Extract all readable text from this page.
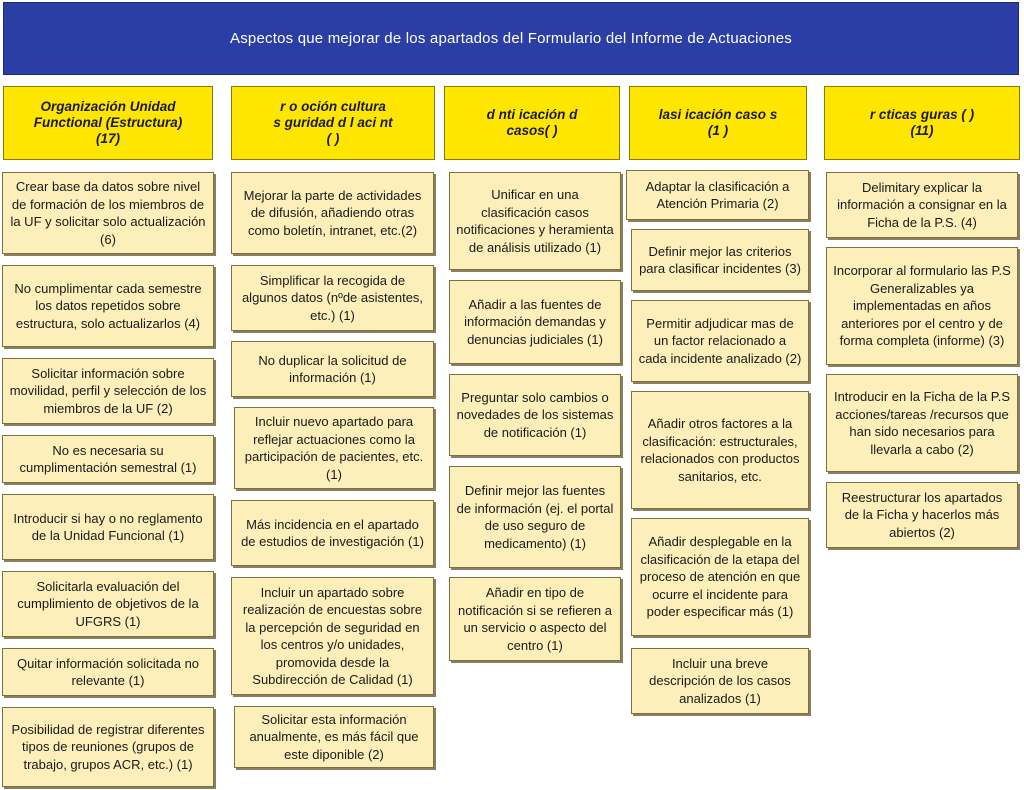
Aspectos que mejorar de los apartados del Formulario del Informe de Actuaciones
Organización Unidad
Functional (Estructura)
(17)
Crear base da datos sobre nivel de formación de los miembros de la UF y solicitar solo actualización (6)
No cumplimentar cada semestre los datos repetidos sobre estructura, solo actualizarlos (4)
Solicitar información sobre movilidad, perfil y selección de los miembros de la UF (2)
No es necesaria su cumplimentación semestral (1)
Introducir si hay o no reglamento de la Unidad Funcional (1)
Solicitarla evaluación del cumplimiento de objetivos de la UFGRS (1)
Quitar información solicitada no relevante (1)
Posibilidad de registrar diferentes tipos de reuniones (grupos de trabajo, grupos ACR, etc.) (1)
r o oción cultura
s guridad d l aci nt
( )
Mejorar la parte de actividades de difusión, añadiendo otras como boletín, intranet, etc.(2)
Simplificar la recogida de algunos datos (nºde asistentes, etc.) (1)
No duplicar la solicitud de información (1)
Incluir nuevo apartado para reflejar actuaciones como la participación de pacientes, etc. (1)
Más incidencia en el apartado de estudios de investigación (1)
Incluir un apartado sobre realización de encuestas sobre la percepción de seguridad en los centros y/o unidades, promovida desde la Subdirección de Calidad (1)
Solicitar esta información anualmente, es más fácil que este diponible (2)
d nti icación d
casos( )
Unificar en una clasificación casos notificaciones y heramienta de análisis utilizado (1)
Añadir a las fuentes de información demandas y denuncias judiciales (1)
Preguntar solo cambios o novedades de los sistemas de notificación (1)
Definir mejor las fuentes de información (ej. el portal de uso seguro de medicamento) (1)
Añadir en tipo de notificación si se refieren a un servicio o aspecto del centro (1)
lasi icación caso s
(1 )
Adaptar la clasificación a Atención Primaria (2)
Definir mejor las criterios para clasificar incidentes (3)
Permitir adjudicar mas de un factor relacionado a cada incidente analizado (2)
Añadir otros factores a la clasificación: estructurales, relacionados con productos sanitarios, etc.
Añadir desplegable en la clasificación de la etapa del proceso de atención en que ocurre el incidente para poder especificar más (1)
Incluir una breve descripción de los casos analizados (1)
r cticas guras ( )
(11)
Delimitary explicar la información a consignar en la Ficha de la P.S. (4)
Incorporar al formulario las P.S Generalizables ya implementadas en años anteriores por el centro y de forma completa (informe) (3)
Introducir en la Ficha de la P.S acciones/tareas /recursos que han sido necesarios para llevarla a cabo (2)
Reestructurar los apartados de la Ficha y hacerlos más abiertos (2)
